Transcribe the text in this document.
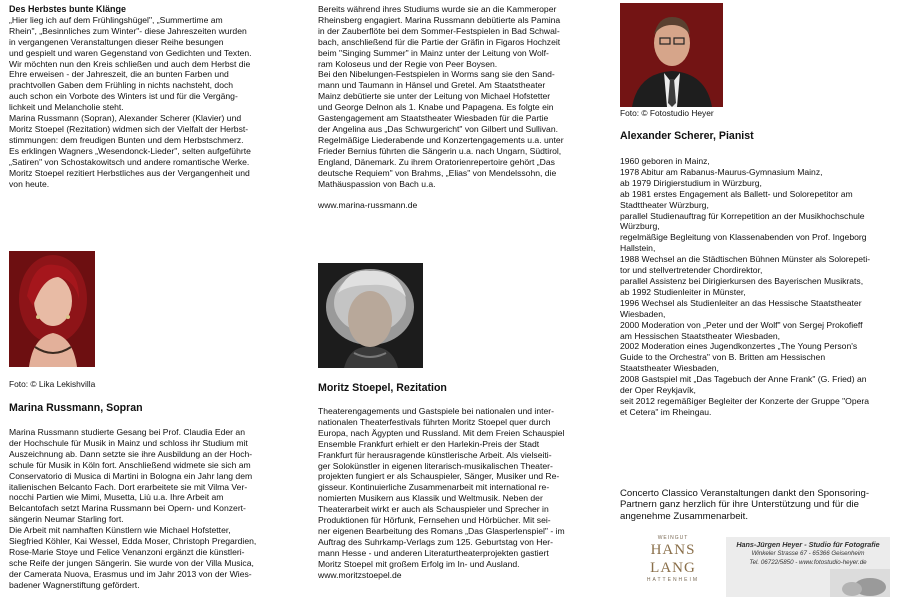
Des Herbstes bunte Klänge

„Hier lieg ich auf dem Frühlingshügel", „Summertime am

Rhein", „Besinnliches zum Winter"- diese Jahreszeiten wurden

in vergangenen Veranstaltungen dieser Reihe besungen

und gespielt und waren Gegenstand von Gedichten und Texten.

Wir möchten nun den Kreis schließen und auch dem Herbst die

Ehre erweisen - der Jahreszeit, die an bunten Farben und

prachtvollen Gaben dem Frühling in nichts nachsteht, doch

auch schon ein Vorbote des Winters ist und für die Vergäng-

lichkeit und Melancholie steht.

Marina Russmann (Sopran), Alexander Scherer (Klavier) und

Moritz Stoepel (Rezitation) widmen sich der Vielfalt der Herbst-

stimmungen: dem freudigen Bunten und dem Herbstschmerz.

Es erklingen Wagners „Wesendonck-Lieder", selten aufgeführte

„Satiren" von Schostakowitsch und andere romantische Werke.

Moritz Stoepel rezitiert Herbstliches aus der Vergangenheit und

von heute.

Foto: © Lika Lekishvilla

Marina Russmann, Sopran

Marina Russmann studierte Gesang bei Prof. Claudia Eder an

der Hochschule für Musik in Mainz und schloss ihr Studium mit

Auszeichnung ab. Dann setzte sie ihre Ausbildung an der Hoch-

schule für Musik in Köln fort. Anschließend widmete sie sich am

Conservatorio di Musica di Martini in Bologna ein Jahr lang dem

italienischen Belcanto Fach. Dort erarbeitete sie mit Vilma Ver-

nocchi Partien wie Mimi, Musetta, Liù u.a. Ihre Arbeit am

Belcantofach setzt Marina Russmann bei Opern- und Konzert-

sängerin Neumar Starling fort.

Die Arbeit mit namhaften Künstlern wie Michael Hofstetter,

Siegfried Köhler, Kai Wessel, Edda Moser, Christoph Pregardien,

Rose-Marie Stoye und Felice Venanzoni ergänzt die künstleri-

sche Reife der jungen Sängerin. Sie wurde von der Villa Musica,

der Camerata Nuova, Erasmus und im Jahr 2013 von der Wies-

badener Wagnerstiftung gefördert.

Bereits während ihres Studiums wurde sie an die Kammeroper

Rheinsberg engagiert. Marina Russmann debütierte als Pamina

in der Zauberflöte bei dem Sommer-Festspielen in Bad Schwal-

bach, anschließend für die Partie der Gräfin in Figaros Hochzeit

beim "Singing Summer" in Mainz unter der Leitung von Wolf-

ram Koloseus und der Regie von Peer Boysen.

Bei den Nibelungen-Festspielen in Worms sang sie den Sand-

mann und Taumann in Hänsel und Gretel. Am Staatstheater

Mainz debütierte sie unter der Leitung von Michael Hofstetter

und George Delnon als 1. Knabe und Papagena. Es folgte ein

Gastengagement am Staatstheater Wiesbaden für die Partie

der Angelina aus „Das Schwurgericht" von Gilbert und Sullivan.

Regelmäßige Liederabende und Konzertengagements u.a. unter

Frieder Bernius führten die Sängerin u.a. nach Ungarn, Südtirol,

England, Dänemark. Zu ihrem Oratorienrepertoire gehört „Das

deutsche Requiem" von Brahms, „Elias" von Mendelssohn, die

Mathäuspassion von Bach u.a.

www.marina-russmann.de

Moritz Stoepel, Rezitation

Theaterengagements und Gastspiele bei nationalen und inter-

nationalen Theaterfestivals führten Moritz Stoepel quer durch

Europa, nach Ägypten und Russland. Mit dem Freien Schauspiel

Ensemble Frankfurt erhielt er den Harlekin-Preis der Stadt

Frankfurt für herausragende künstlerische Arbeit. Als vielseiti-

ger Solokünstler in eigenen literarisch-musikalischen Theater-

projekten fungiert er als Schauspieler, Sänger, Musiker und Re-

gisseur. Kontinuierliche Zusammenarbeit mit international re-

nomierten Musikern aus Klassik und Weltmusik. Neben der

Theaterarbeit wirkt er auch als Schauspieler und Sprecher in

Produktionen für Hörfunk, Fernsehen und Hörbücher. Mit sei-

ner eigenen Bearbeitung des Romans „Das Glasperlenspiel" - im

Auftrag des Suhrkamp-Verlags zum 125. Geburtstag von Her-

mann Hesse - und anderen Literaturtheaterprojekten gastiert

Moritz Stoepel mit großem Erfolg im In- und Ausland.

www.moritzstoepel.de

Foto: © Fotostudio Heyer

Alexander Scherer, Pianist

1960 geboren in Mainz,

1978 Abitur am Rabanus-Maurus-Gymnasium Mainz,

ab 1979 Dirigierstudium in Würzburg,

ab 1981 erstes Engagement als Ballett- und Solorepetitor am

Stadttheater Würzburg,

parallel Studienauftrag für Korrepetition an der Musikhochschule

Würzburg,

regelmäßige Begleitung von Klassenabenden von Prof. Ingeborg

Hallstein,

1988 Wechsel an die Städtischen Bühnen Münster als Solorepeti-

tor und stellvertretender Chordirektor,

parallel Assistenz bei Dirigierkursen des Bayerischen Musikrats,

ab 1992 Studienleiter in Münster,

1996 Wechsel als Studienleiter an das Hessische Staatstheater

Wiesbaden,

2000 Moderation von „Peter und der Wolf" von Sergej Prokofieff

am Hessischen Staatstheater Wiesbaden,

2002 Moderation eines Jugendkonzertes „The Young Person's

Guide to the Orchestra" von B. Britten am Hessischen

Staatstheater Wiesbaden,

2008 Gastspiel mit „Das Tagebuch der Anne Frank" (G. Fried) an

der Oper Reykjavík,

seit 2012 regemäßiger Begleiter der Konzerte der Gruppe "Opera

et Cetera" im Rheingau.

Concerto Classico Veranstaltungen dankt den Sponsoring-

Partnern ganz herzlich für ihre Unterstützung und für die

angenehme Zusammenarbeit.

WEINGUT
HANS LANG
HATTENHEIM
Hans-Jürgen Heyer - Studio für Fotografie
Winkeler Strasse 67 - 65366 Geisenheim
Tel. 06722/5850 - www.fotostudio-heyer.de
